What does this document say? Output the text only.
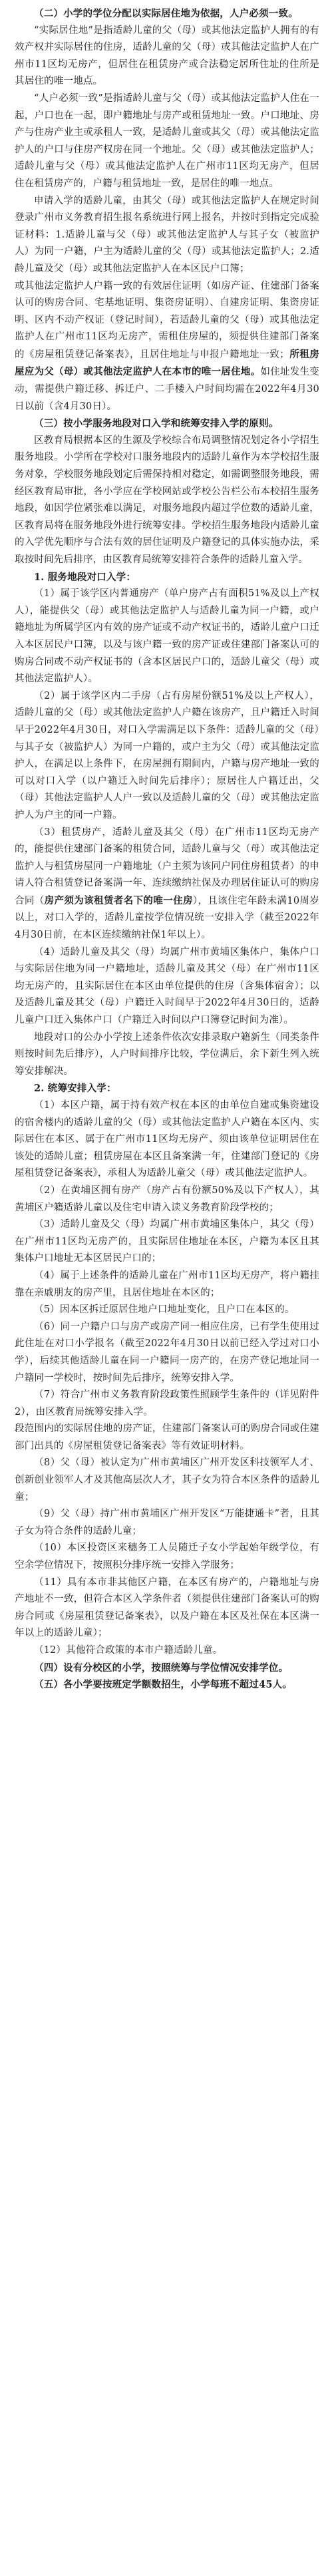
（二）小学的学位分配以实际居住地为依据，人户必须一致。

“实际居住地”是指适龄儿童的父（母）或其他法定监护人拥有的有效产权并实际居住的住房，适龄儿童的父（母）或其他法定监护人在广州市11区均无房产，但居住在租赁房产或合法稳定居所住址的住所是其居住的唯一地点。

“人户必须一致”是指适龄儿童与父（母）或其他法定监护人住在一起，户口也在一起，即户籍地址与房产或租赁地址一致。户口地址、房产与住房产业主或承租人一致，是适龄儿童或其父（母）或其他法定监护人的户口与住房产权房在同一个地址。父（母）或其他法定监护人；适龄儿童与父（母）或其他法定监护人在广州市11区均无房产，但居住在租赁房产的，户籍与租赁地址一致，是居住的唯一地点。

申请入学的适龄儿童，由其父（母）或其他法定监护人在规定时间登录广州市义务教育招生报名系统进行网上报名，并按时到指定完成验证材料：1.适龄儿童与父（母）或其他法定监护人与其子女（被监护人）为同一户籍，户主为适龄儿童的父（母）或其他法定监护人；2.适龄儿童及父（母）或其他法定监护人在本区民户口簿；

或其他法定监护人户籍一致的有效居住证明（如房产证、住建部门备案认可的购房合同、宅基地证明、集资房证明）、自建房证明、集资房证明、区内不动产权证（登记时间），若适龄儿童的父（母）或其他法定监护人在广州市11区均无房产，需租住房屋的，须提供住建部门备案的《房屋租赁登记备案表》，且居住地址与申报户籍地址一致；所租房屋应为父（母）或其他法定监护人在本市的唯一居住地。如住址发生变动，需提供户籍迁移、拆迁户、二手楼入户时间均需在2022年4月30日以前（含4月30日）。

（三）按小学服务地段对口入学和统筹安排入学的原则。

区教育局根据本区的生源及学校综合布局调整情况划定各小学招生服务地段。小学所在学校对口服务地段内的适龄儿童作为本学校招生服务对象，学校服务地段划定后需保持相对稳定，如需调整服务地段，需经区教育局审批，各小学应在学校网站或学校公告栏公布本校招生服务地段，如因学位紧张难以满足，对服务地段内超过学位数的适龄儿童，区教育局将在服务地段外进行统筹安排。学校招生服务地段内适龄儿童的入学优先顺序与合法有效的居住证明及户籍登记的具体实施办法，采取按时间先后排序，由区教育局统筹安排符合条件的适龄儿童入学。

1. 服务地段对口入学：

（1）属于该学区内普通房产（单户房产占有面积51%及以上产权人），能提供父（母）或其他法定监护人与适龄儿童为同一户籍，或户籍地址为所属学区内有效的房产证或不动产权证书的，适龄儿童户口迁入本区居民户口簿，以及与该户籍一致的房产证或住建部门备案认可的购房合同或不动产权证书的（含本区居民户口的，适龄儿童父（母）或其他法定监护人）。

（2）属于该学区内二手房（占有房屋份额51%及以上产权人），适龄儿童的父（母）或其他法定监护人户籍在该房产，且户籍迁入时间早于2022年4月30日，对口入学需满足以下条件：适龄儿童的父（母）与其子女（被监护人）为同一户籍的，或户主为父（母）或其他法定监护人，在满足以上条件下，在房屋拥有期间内，户籍与房产地址一致的可以对口入学（以户籍迁入时间先后排序）；原居住人户籍迁出，父（母）其他法定监护人人户一致以及适龄儿童的父（母）或其他法定监护人为户主的同一户籍。

（3）租赁房产，适龄儿童及其父（母）在广州市11区均无房产的，能提供住建部门备案的租赁合同，适龄儿童与父（母）或其他法定监护人与租赁房屋同一户籍地址（户主须为该同户同住房租赁者）的申请人符合租赁登记备案满一年、连续缴纳社保及办理居住证认可的购房合同（房产须为该租赁者名下的唯一住房），且该住宅年龄未满10周岁以上，对口入学的，适龄儿童按学位情况统一安排入学（截至2022年4月30日前，在本区连续缴纳社保1年以上）。

（4）适龄儿童及其父（母）均属广州市黄埔区集体户，集体户口与实际居住地为同一户籍地址，适龄儿童及其父（母）在广州市11区均无房产的，且实际居住在本区由单位提供的住房（含集体宿舍）；以及适龄儿童及其父（母）户籍迁入时间早于2022年4月30日的，适龄儿童户口迁入集体户口（户籍迁入时间以户口簿登记时间为准）。

地段对口的公办小学按上述条件依次安排录取户籍新生（同类条件则按时间先后排序），人户时间排序比较，学位满后，余下新生列入统筹安排解决。

2. 统筹安排入学：

（1）本区户籍，属于持有效产权在本区的由单位自建或集资建设的宿舍楼内的适龄儿童的父（母）或其他法定监护人户籍在本区内、实际居住在本区、属于在广州市11区均无房产、须由该单位证明居住在该处的适龄儿童；租赁房屋在本区且备案满一年，住建部门登记的《房屋租赁登记备案表》，承租人为适龄儿童父（母）或其他法定监护人。

（2）在黄埔区拥有房产（房产占有份额50%及以下产权人），其黄埔区户籍适龄儿童以及住宅申请入读义务教育阶段学校的；

（3）适龄儿童及父（母）均属广州市黄埔区集体户，其父（母）在广州市11区均无房产的，且实际居住地址在本区，户籍为本区且其集体户口地址无本区居民户口的；

（4）属于上述条件的适龄儿童在广州市11区均无房产，将户籍挂靠在亲戚朋友的房产里，且居住地址在本区的；

（5）因本区拆迁原居住地户口地址变化，且户口在本区的。

（6）同一户籍户口与房产或房产同一相应住房，已有学生使用过此住址在对口小学报名（截至2022年4月30日以前已经入学过对口小学），后续其他适龄儿童在同一户籍同一房产的，在房产登记地址同一户籍同一学校时，按时间先后排序，统筹安排入学。

（7）符合广州市义务教育阶段政策性照顾学生条件的（详见附件2），由区教育局统筹安排入学。

段范围内的实际居住地的房产证，住建部门备案认可的购房合同或住建部门出具的《房屋租赁登记备案表》等有效证明材料。

（8）父（母）被认定为广州市黄埔区广州开发区科技领军人才、创新创业领军人才及其他高层次人才，其子女为符合本区条件的适龄儿童；

（9）父（母）持广州市黄埔区广州开发区“万能捷通卡”者，且其子女为符合条件的适龄儿童；

（10）本区投资区来穗务工人员随迁子女小学起始年级学位，有空余学位情况下，按照积分排序统一安排入学服务；

（11）具有本市非其他区户籍，在本区有房产的，户籍地址与房产地址不一致，但符合本区入学条件者（须提供住建部门备案认可的购房合同或《房屋租赁登记备案表》，以及户籍在本区及社保在本区满一年以上的适龄儿童）；

（12）其他符合政策的本市户籍适龄儿童。

（四）设有分校区的小学，按照统筹与学位情况安排学位。

（五）各小学要按班定学额数招生，小学每班不超过45人。
